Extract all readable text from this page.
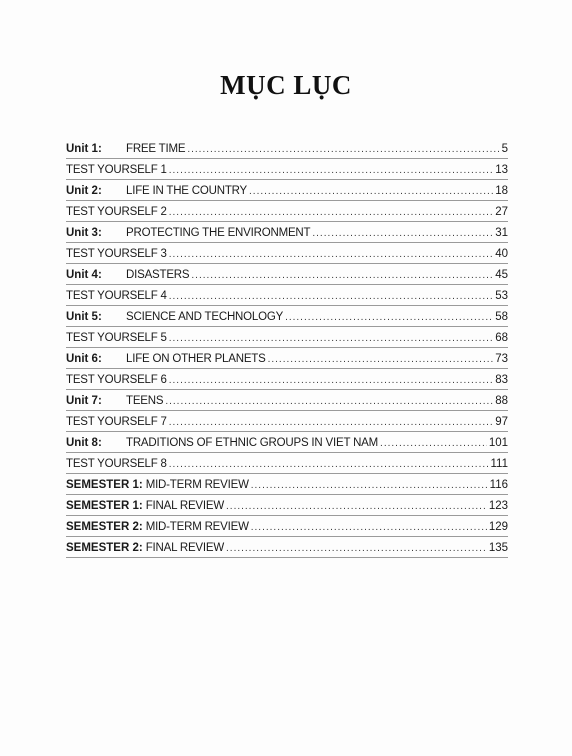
MỤC LỤC
Unit 1:	FREE TIME .....	5
TEST YOURSELF 1 .....	13
Unit 2:	LIFE IN THE COUNTRY .....	18
TEST YOURSELF 2 .....	27
Unit 3:	PROTECTING THE ENVIRONMENT .....	31
TEST YOURSELF 3 .....	40
Unit 4:	DISASTERS .....	45
TEST YOURSELF 4 .....	53
Unit 5:	SCIENCE AND TECHNOLOGY .....	58
TEST YOURSELF 5 .....	68
Unit 6:	LIFE ON OTHER PLANETS .....	73
TEST YOURSELF 6 .....	83
Unit 7:	TEENS .....	88
TEST YOURSELF 7 .....	97
Unit 8:	TRADITIONS OF ETHNIC GROUPS IN VIET NAM .....	101
TEST YOURSELF 8 .....	111
SEMESTER 1: MID-TERM REVIEW .....	116
SEMESTER 1: FINAL REVIEW .....	123
SEMESTER 2: MID-TERM REVIEW .....	129
SEMESTER 2: FINAL REVIEW .....	135
